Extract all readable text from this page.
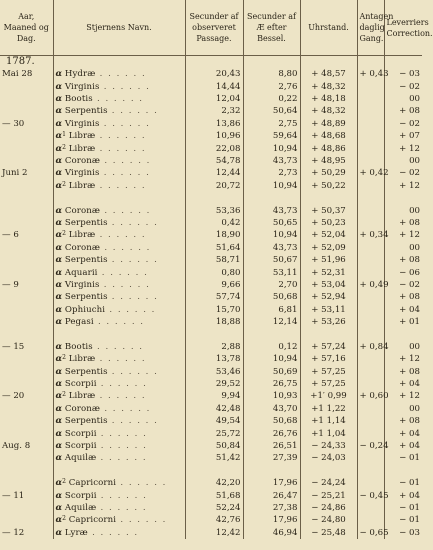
Aar, Maaned og Dag.	Stjernens Navn.	Secunder af observeret Passage.	Secunder af Æ efter Bessel.	Uhrstand.	Antagen daglig Gang.	Leverriers Correction.
1787.						
Mai 28	α Hydræ . . . . . .	20,43	8,80	+ 48,57	+ 0,43	− 03
	α Virginis . . . . . .	14,44	2,76	+ 48,32		− 02
	α Bootis . . . . . .	12,04	0,22	+ 48,18		00
	α Serpentis . . . . . .	2,32	50,64	+ 48,32		+ 08
— 30	α Virginis . . . . . .	13,86	2,75	+ 48,89		− 02
	$\alpha^1$ Libræ . . . . . .	10,96	59,64	+ 48,68		+ 07
	$\alpha^2$ Libræ . . . . . .	22,08	10,94	+ 48,86		+ 12
	α Coronæ . . . . . .	54,78	43,73	+ 48,95		00
Juni 2	α Virginis . . . . . .	12,44	2,73	+ 50,29	+ 0,42	− 02
	$\alpha^2$ Libræ . . . . . .	20,72	10,94	+ 50,22		+ 12

	α Coronæ . . . . . .	53,36	43,73	+ 50,37		00
	α Serpentis . . . . . .	0,42	50,65	+ 50,23		+ 08
— 6	$\alpha^2$ Libræ . . . . . .	18,90	10,94	+ 52,04	+ 0,34	+ 12
	α Coronæ . . . . . .	51,64	43,73	+ 52,09		00
	α Serpentis . . . . . .	58,71	50,67	+ 51,96		+ 08
	α Aquarii . . . . . .	0,80	53,11	+ 52,31		− 06
— 9	α Virginis . . . . . .	9,66	2,70	+ 53,04	+ 0,49	− 02
	α Serpentis . . . . . .	57,74	50,68	+ 52,94		+ 08
	α Ophiuchi . . . . . .	15,70	6,81	+ 53,11		+ 04
	α Pegasi . . . . . .	18,88	12,14	+ 53,26		+ 01

— 15	α Bootis . . . . . .	2,88	0,12	+ 57,24	+ 0,84	00
	$\alpha^2$ Libræ . . . . . .	13,78	10,94	+ 57,16		+ 12
	α Serpentis . . . . . .	53,46	50,69	+ 57,25		+ 08
	α Scorpii . . . . . .	29,52	26,75	+ 57,25		+ 04
— 20	$\alpha^2$ Libræ . . . . . .	9,94	10,93	+1′ 0,99	+ 0,60	+ 12
	α Coronæ . . . . . .	42,48	43,70	+1 1,22		00
	α Serpentis . . . . . .	49,54	50,68	+1 1,14		+ 08
	α Scorpii . . . . . .	25,72	26,76	+1 1,04		+ 04
Aug. 8	α Scorpii . . . . . .	50,84	26,51	− 24,33	− 0,24	+ 04
	α Aquilæ . . . . . .	51,42	27,39	− 24,03		− 01

	$\alpha^2$ Capricorni . . . . . .	42,20	17,96	− 24,24		− 01
— 11	α Scorpii . . . . . .	51,68	26,47	− 25,21	− 0,45	+ 04
	α Aquilæ . . . . . .	52,24	27,38	− 24,86		− 01
	$\alpha^2$ Capricorni . . . . . .	42,76	17,96	− 24,80		− 01
— 12	α Lyræ . . . . . .	12,42	46,94	− 25,48	− 0,65	− 03
